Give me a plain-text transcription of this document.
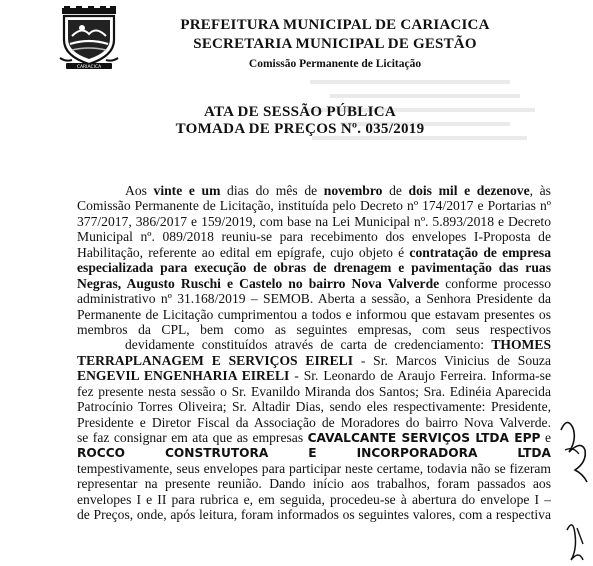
CARIACICA
PREFEITURA MUNICIPAL DE CARIACICA
SECRETARIA MUNICIPAL DE GESTÃO
Comissão Permanente de Licitação
ATA DE SESSÃO PÚBLICA
TOMADA DE PREÇOS Nº. 035/2019
Aos vinte e um dias do mês de novembro de dois mil e dezenove, às
Comissão Permanente de Licitação, instituída pelo Decreto nº 174/2017 e Portarias nº
377/2017, 386/2017 e 159/2019, com base na Lei Municipal nº. 5.893/2018 e Decreto
Municipal nº. 089/2018 reuniu-se para recebimento dos envelopes I-Proposta de
Habilitação, referente ao edital em epígrafe, cujo objeto é contratação de empresa
especializada para execução de obras de drenagem e pavimentação das ruas
Negras, Augusto Ruschi e Castelo no bairro Nova Valverde conforme processo
administrativo nº 31.168/2019 – SEMOB. Aberta a sessão, a Senhora Presidente da
Permanente de Licitação cumprimentou a todos e informou que estavam presentes os
membros da CPL, bem como as seguintes empresas, com seus respectivos
devidamente constituídos através de carta de credenciamento: THOMES
TERRAPLANAGEM E SERVIÇOS EIRELI - Sr. Marcos Vinicius de Souza
ENGEVIL ENGENHARIA EIRELI - Sr. Leonardo de Araujo Ferreira. Informa-se
fez presente nesta sessão o Sr. Evanildo Miranda dos Santos; Sra. Edinéia Aparecida
Patrocínio Torres Oliveira; Sr. Altadir Dias, sendo eles respectivamente: Presidente,
Presidente e Diretor Fiscal da Associação de Moradores do bairro Nova Valverde.
se faz consignar em ata que as empresas CAVALCANTE SERVIÇOS LTDA EPP e
ROCCO CONSTRUTORA E INCORPORADORA LTDA
tempestivamente, seus envelopes para participar neste certame, todavia não se fizeram
representar na presente reunião. Dando início aos trabalhos, foram passados aos
envelopes I e II para rubrica e, em seguida, procedeu-se à abertura do envelope I –
de Preços, onde, após leitura, foram informados os seguintes valores, com a respectiva
